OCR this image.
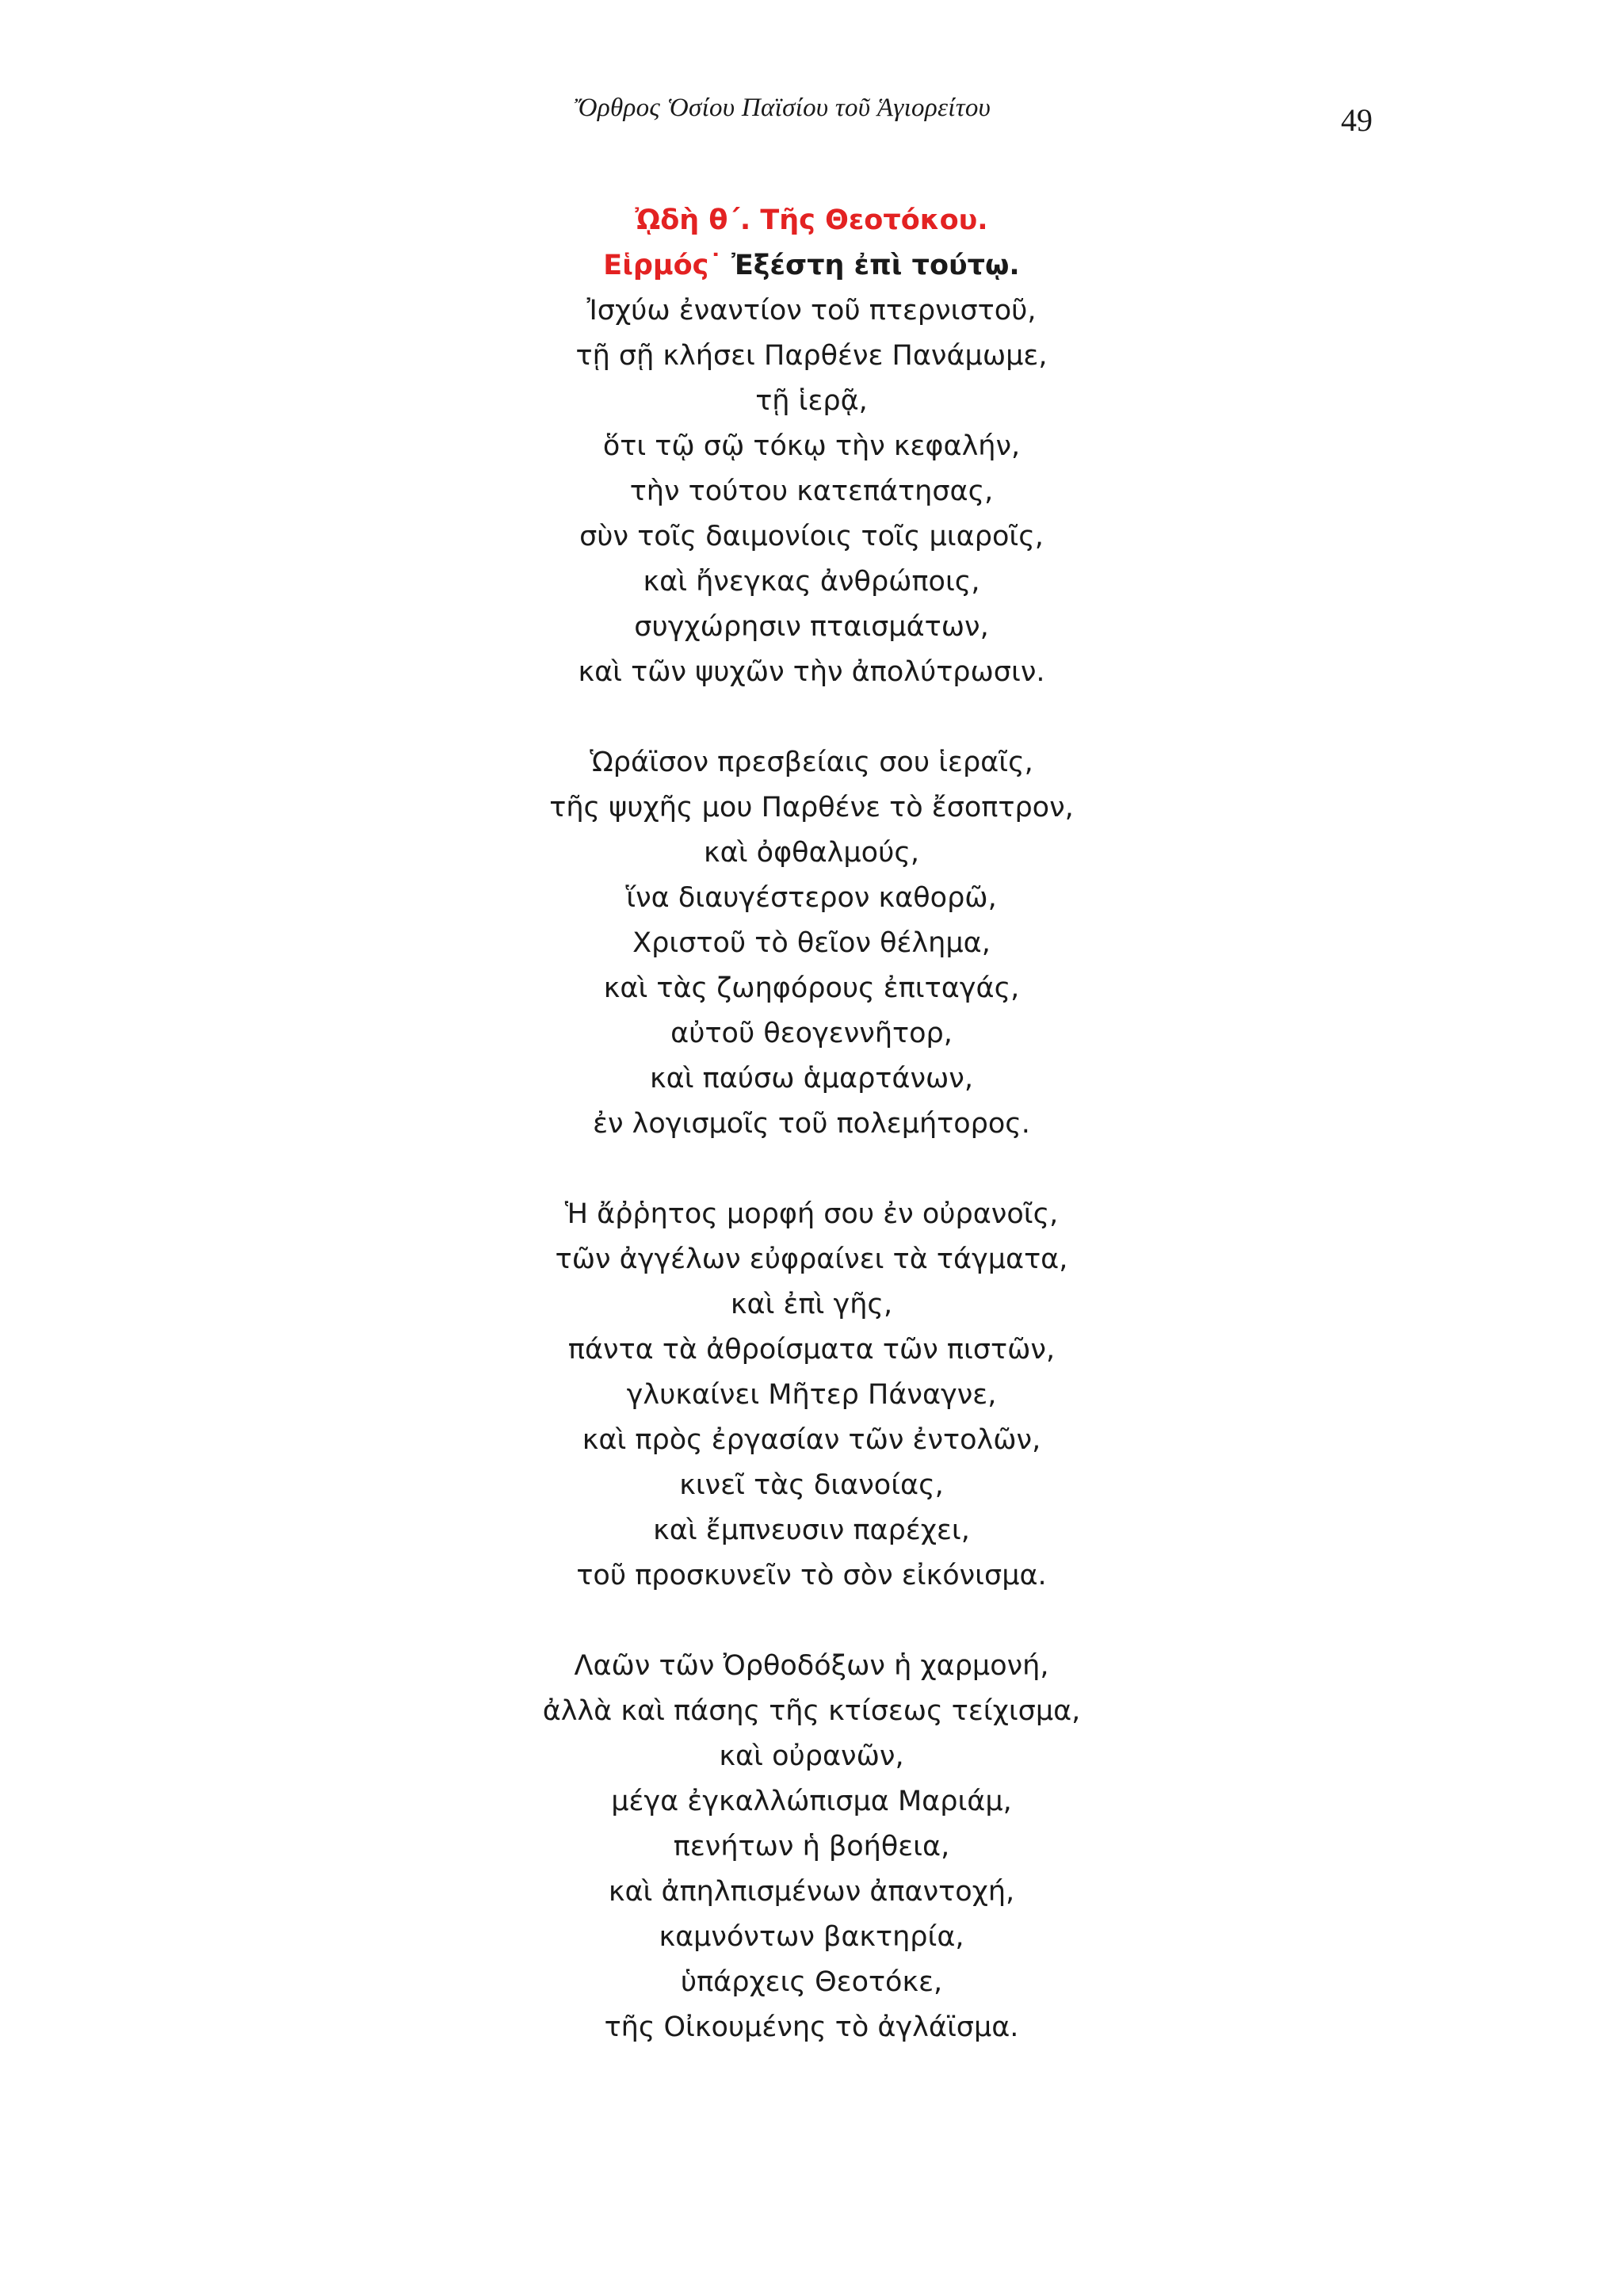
Ὄρθρος Ὁσίου Παϊσίου τοῦ Ἁγιορείτου	49
ᾨδὴ θ΄. Τῆς Θεοτόκου.
Εἱρμός˙ Ἐξέστη ἐπὶ τούτῳ.
Ἰσχύω ἐναντίον τοῦ πτερνιστοῦ,
τῇ σῇ κλήσει Παρθένε Πανάμωμε,
τῇ ἱερᾷ,
ὅτι τῷ σῷ τόκῳ τὴν κεφαλήν,
τὴν τούτου κατεπάτησας,
σὺν τοῖς δαιμονίοις τοῖς μιαροῖς,
καὶ ἤνεγκας ἀνθρώποις,
συγχώρησιν πταισμάτων,
καὶ τῶν ψυχῶν τὴν ἀπολύτρωσιν.
Ὡράϊσον πρεσβείαις σου ἱεραῖς,
τῆς ψυχῆς μου Παρθένε τὸ ἔσοπτρον,
καὶ ὀφθαλμούς,
ἵνα διαυγέστερον καθορῶ,
Χριστοῦ τὸ θεῖον θέλημα,
καὶ τὰς ζωηφόρους ἐπιταγάς,
αὐτοῦ θεογεννῆτορ,
καὶ παύσω ἁμαρτάνων,
ἐν λογισμοῖς τοῦ πολεμήτορος.
Ἡ ἄῤῥητος μορφή σου ἐν οὐρανοῖς,
τῶν ἀγγέλων εὐφραίνει τὰ τάγματα,
καὶ ἐπὶ γῆς,
πάντα τὰ ἀθροίσματα τῶν πιστῶν,
γλυκαίνει Μῆτερ Πάναγνε,
καὶ πρὸς ἐργασίαν τῶν ἐντολῶν,
κινεῖ τὰς διανοίας,
καὶ ἔμπνευσιν παρέχει,
τοῦ προσκυνεῖν τὸ σὸν εἰκόνισμα.
Λαῶν τῶν Ὀρθοδόξων ἡ χαρμονή,
ἀλλὰ καὶ πάσης τῆς κτίσεως τείχισμα,
καὶ οὐρανῶν,
μέγα ἐγκαλλώπισμα Μαριάμ,
πενήτων ἡ βοήθεια,
καὶ ἀπηλπισμένων ἀπαντοχή,
καμνόντων βακτηρία,
ὑπάρχεις Θεοτόκε,
τῆς Οἰκουμένης τὸ ἀγλάϊσμα.
